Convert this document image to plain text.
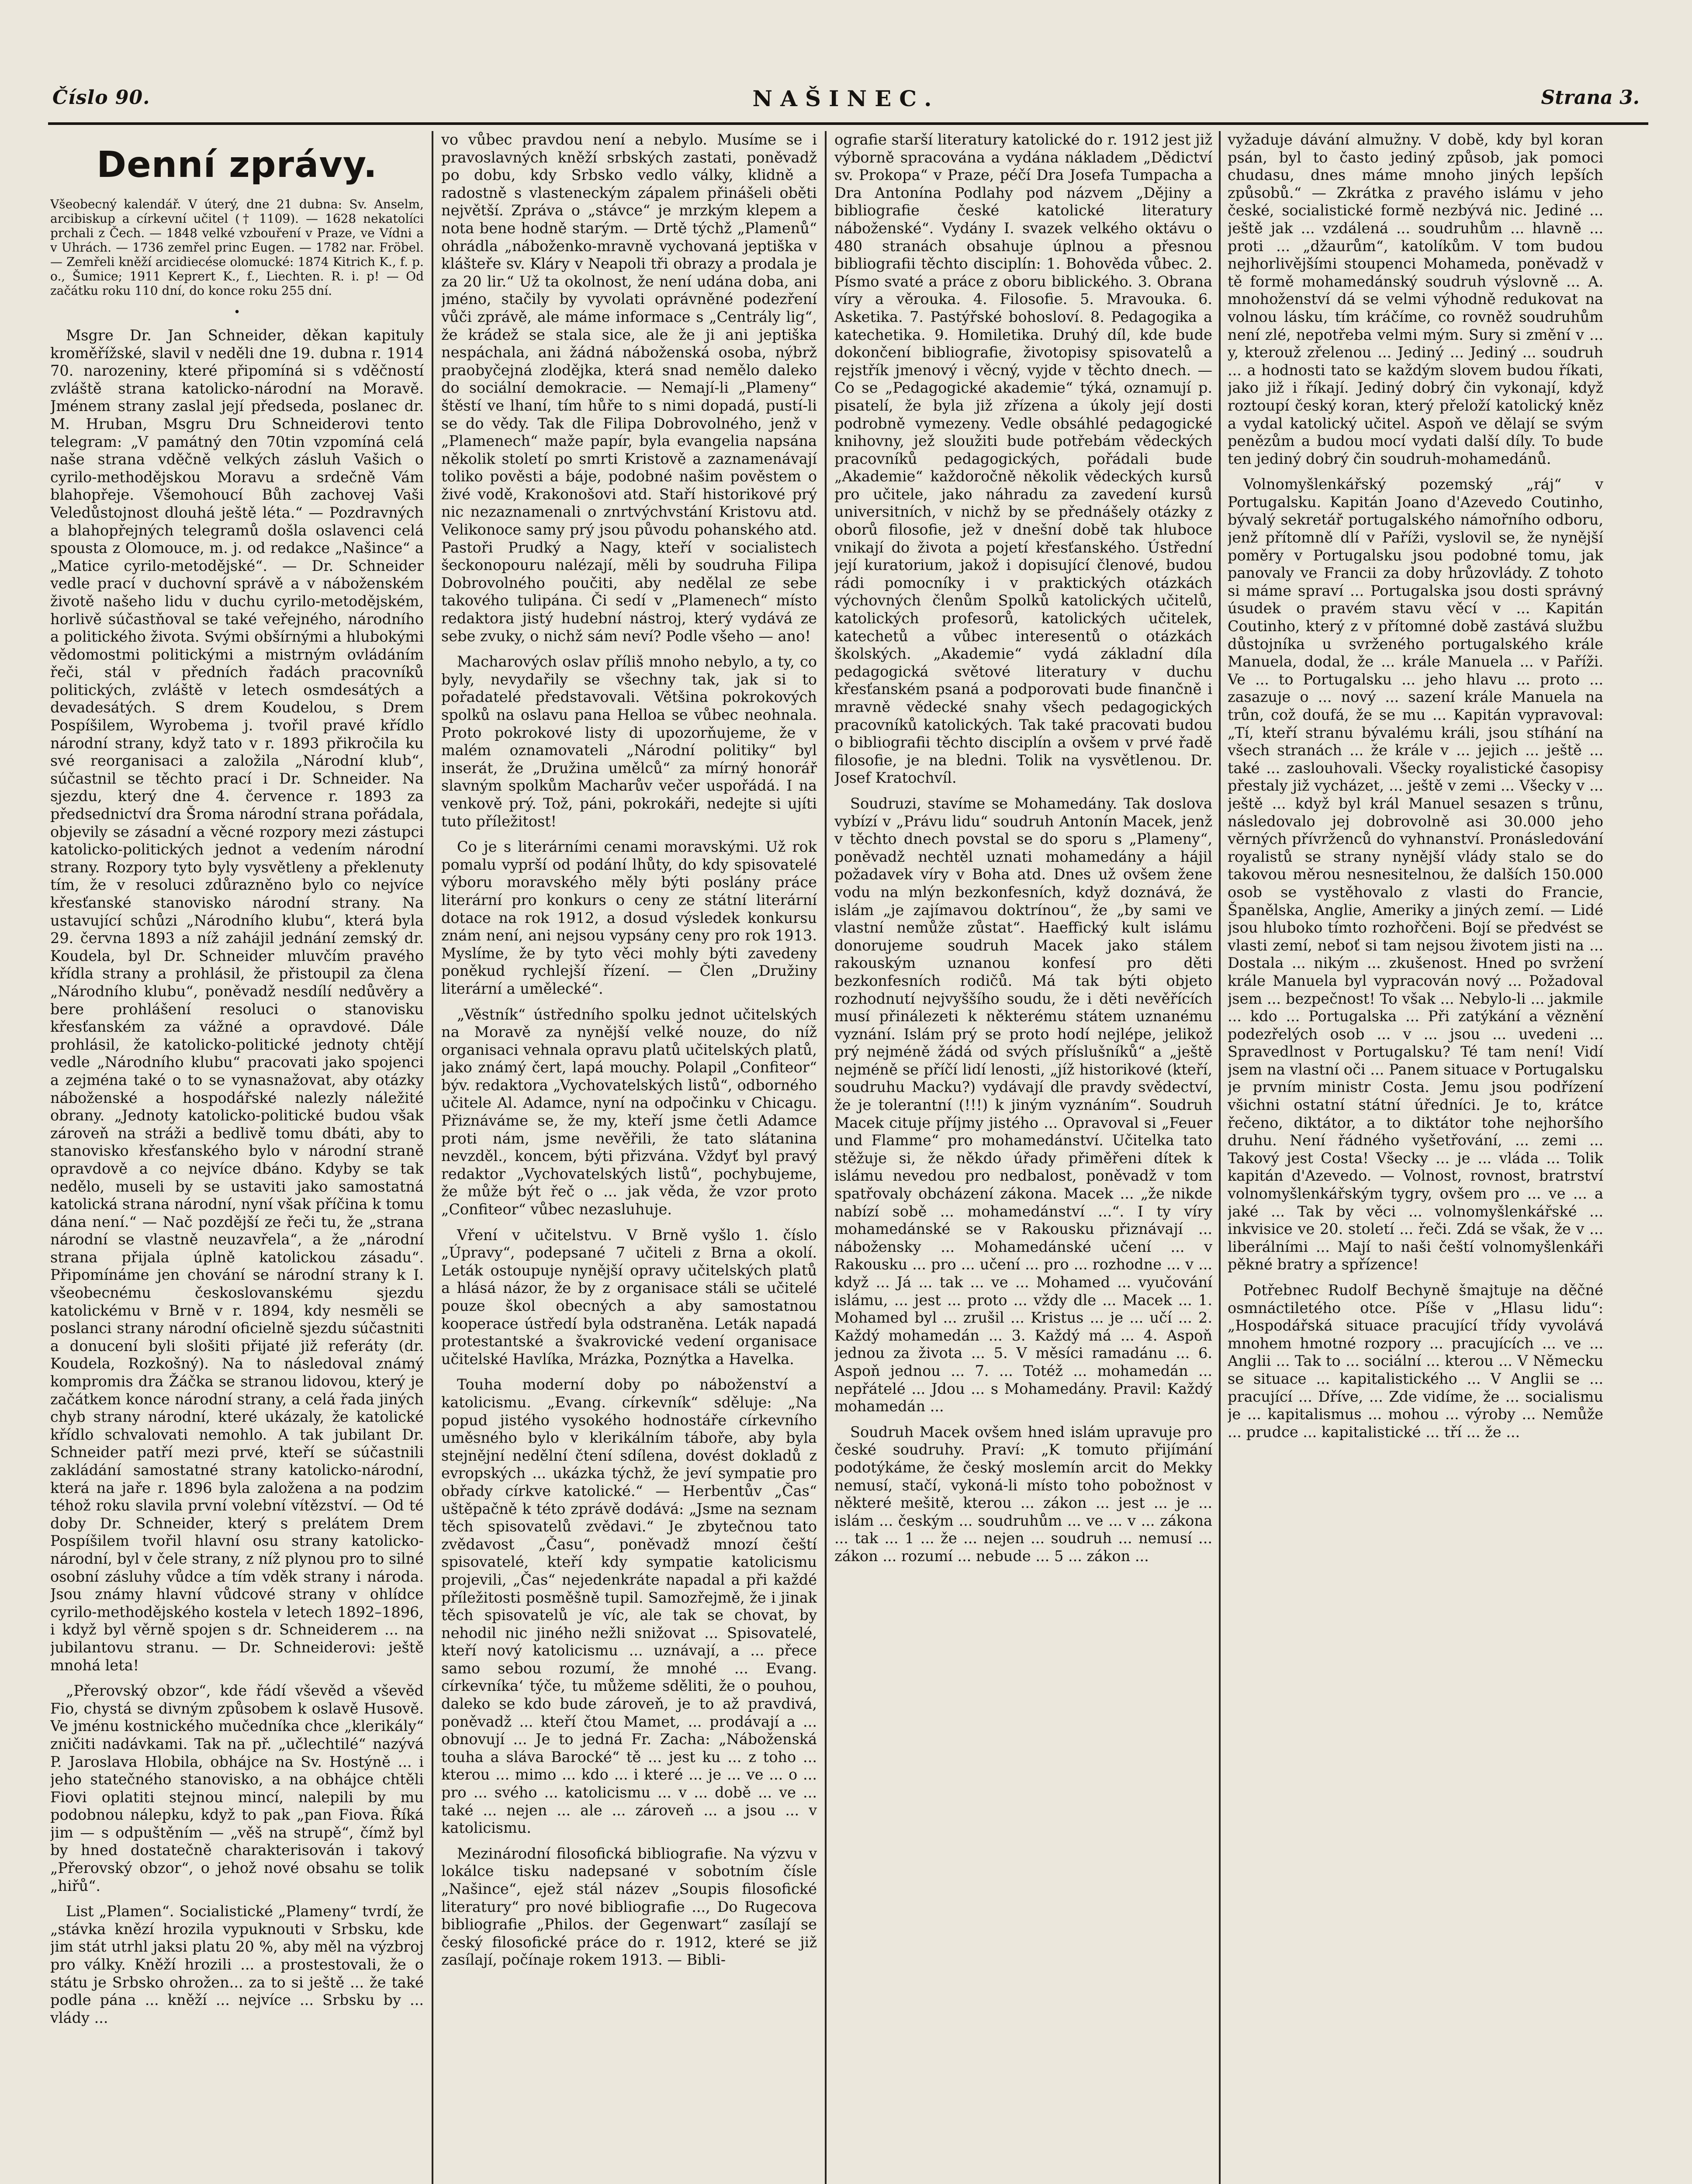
Číslo 90.	NAŠINEC.	Strana 3.
Denní zprávy.

Všeobecný kalendář. V úterý, dne 21 dubna: Sv. Anselm, arcibiskup a církevní učitel († 1109). — 1628 nekatolíci prchali z Čech. — 1848 velké vzbouření v Praze, ve Vídni a v Uhrách. — 1736 zemřel princ Eugen. — 1782 nar. Fröbel. — Zemřeli kněží arcidiecése olomucké: 1874 Kitrich K., f. p. o., Šumice; 1911 Keprert K., f., Liechten. R. i. p! — Od začátku roku 110 dní, do konce roku 255 dní.

•

Msgre Dr. Jan Schneider, děkan kapituly kroměřížské, slavil v neděli dne 19. dubna r. 1914 70. narozeniny, které připomíná si s vděčností zvláště strana katolicko-národní na Moravě. Jménem strany zaslal její předseda, poslanec dr. M. Hruban, Msgru Dru Schneiderovi tento telegram: „V památný den 70tin vzpomíná celá naše strana vděčně velkých zásluh Vašich o cyrilo-methodějskou Moravu a srdečně Vám blahopřeje. Všemohoucí Bůh zachovej Vaši Veledůstojnost dlouhá ještě léta.“ — Pozdravných a blahopřejných telegramů došla oslavenci celá spousta z Olomouce, m. j. od redakce „Našince“ a „Matice cyrilo-metodějské“. — Dr. Schneider vedle prací v duchovní správě a v náboženském životě našeho lidu v duchu cyrilo-metodějském, horlivě súčastňoval se také veřejného, národního a politického života. Svými obšírnými a hlubokými vědomostmi politickými a mistrným ovládáním řeči, stál v předních řadách pracovníků politických, zvláště v letech osmdesátých a devadesátých. S drem Koudelou, s Drem Pospíšilem, Wyrobema j. tvořil pravé křídlo národní strany, když tato v r. 1893 přikročila ku své reorganisaci a založila „Národní klub“, súčastnil se těchto prací i Dr. Schneider. Na sjezdu, který dne 4. července r. 1893 za předsednictví dra Šroma národní strana pořádala, objevily se zásadní a věcné rozpory mezi zástupci katolicko-politických jednot a vedením národní strany. Rozpory tyto byly vysvětleny a překlenuty tím, že v resoluci zdůrazněno bylo co nejvíce křesťanské stanovisko národní strany. Na ustavující schůzi „Národního klubu“, která byla 29. června 1893 a níž zahájil jednání zemský dr. Koudela, byl Dr. Schneider mluvčím pravého křídla strany a prohlásil, že přistoupil za člena „Národního klubu“, poněvadž nesdílí nedůvěry a bere prohlášení resoluci o stanovisku křesťanském za vážné a opravdové. Dále prohlásil, že katolicko-politické jednoty chtějí vedle „Národního klubu“ pracovati jako spojenci a zejména také o to se vynasnažovat, aby otázky náboženské a hospodářské nalezly náležité obrany. „Jednoty katolicko-politické budou však zároveň na stráži a bedlivě tomu dbáti, aby to stanovisko křesťanského bylo v národní straně opravdově a co nejvíce dbáno. Kdyby se tak nedělo, museli by se ustaviti jako samostatná katolická strana národní, nyní však příčina k tomu dána není.“ — Nač pozdější ze řeči tu, že „strana národní se vlastně neuzavřela“, a že „národní strana přijala úplně katolickou zásadu“. Připomínáme jen chování se národní strany k I. všeobecnému českoslovanskému sjezdu katolickému v Brně v r. 1894, kdy nesměli se poslanci strany národní oficielně sjezdu súčastniti a donucení byli slošiti přijaté již referáty (dr. Koudela, Rozkošný). Na to následoval známý kompromis dra Žáčka se stranou lidovou, který je začátkem konce národní strany, a celá řada jiných chyb strany národní, které ukázaly, že katolické křídlo schvalovati nemohlo. A tak jubilant Dr. Schneider patří mezi prvé, kteří se súčastnili zakládání samostatné strany katolicko-národní, která na jaře r. 1896 byla založena a na podzim téhož roku slavila první volební vítězství. — Od té doby Dr. Schneider, který s prelátem Drem Pospíšilem tvořil hlavní osu strany katolicko-národní, byl v čele strany, z níž plynou pro to silné osobní zásluhy vůdce a tím vděk strany i národa. Jsou známy hlavní vůdcové strany v ohlídce cyrilo-methodějského kostela v letech 1892–1896, i když byl věrně spojen s dr. Schneiderem ... na jubilantovu stranu. — Dr. Schneiderovi: ještě mnohá leta!

„Přerovský obzor“, kde řádí vševěd a vševěd Fio, chystá se divným způsobem k oslavě Husově. Ve jménu kostnického mučedníka chce „klerikály“ zničiti nadávkami. Tak na př. „učlechtilé“ nazývá P. Jaroslava Hlobila, obhájce na Sv. Hostýně ... i jeho statečného stanovisko, a na obhájce chtěli Fiovi oplatiti stejnou mincí, nalepili by mu podobnou nálepku, když to pak „pan Fiova. Říká jim — s odpuštěním — „věš na strupě“, čímž byl by hned dostatečně charakterisován i takový „Přerovský obzor“, o jehož nové obsahu se tolik „hiřů“.

List „Plamen“. Socialistické „Plameny“ tvrdí, že „stávka knězí hrozila vypuknouti v Srbsku, kde jim stát utrhl jaksi platu 20 %, aby měl na výzbroj pro války. Kněží hrozili ... a prostestovali, že o státu je Srbsko ohrožen... za to si ještě ... že také podle pána ... kněží ... nejvíce ... Srbsku by ... vlády ...

vo vůbec pravdou není a nebylo. Musíme se i pravoslavných kněží srbských zastati, poněvadž po dobu, kdy Srbsko vedlo války, klidně a radostně s vlasteneckým zápalem přinášeli oběti největší. Zpráva o „stávce“ je mrzkým klepem a nota bene hodně starým. — Drtě týchž „Plamenů“ ohrádla „náboženko-mravně vychovaná jeptiška v klášteře sv. Kláry v Neapoli tři obrazy a prodala je za 20 lir.“ Už ta okolnost, že není udána doba, ani jméno, stačily by vyvolati oprávněné podezření vůči zprávě, ale máme informace s „Centrály lig“, že krádež se stala sice, ale že ji ani jeptiška nespáchala, ani žádná náboženská osoba, nýbrž praobyčejná zlodějka, která snad nemělo daleko do sociální demokracie. — Nemají-li „Plameny“ štěstí ve lhaní, tím hůře to s nimi dopadá, pustí-li se do vědy. Tak dle Filipa Dobrovolného, jenž v „Plamenech“ maže papír, byla evangelia napsána několik století po smrti Kristově a zaznamenávají toliko pověsti a báje, podobné našim pověstem o živé vodě, Krakonošovi atd. Staří historikové prý nic nezaznamenali o znrtvýchvstání Kristovu atd. Velikonoce samy prý jsou původu pohanského atd. Pastoři Prudký a Nagy, kteří v socialistech šeckonopouru nalézají, měli by soudruha Filipa Dobrovolného poučiti, aby nedělal ze sebe takového tulipána. Či sedí v „Plamenech“ místo redaktora jistý hudební nástroj, který vydává ze sebe zvuky, o nichž sám neví? Podle všeho — ano!

Macharových oslav příliš mnoho nebylo, a ty, co byly, nevydařily se všechny tak, jak si to pořadatelé představovali. Většina pokrokových spolků na oslavu pana Helloa se vůbec neohnala. Proto pokrokové listy di upozorňujeme, že v malém oznamovateli „Národní politiky“ byl inserát, že „Družina umělců“ za mírný honorář slavným spolkům Macharův večer uspořádá. I na venkově prý. Tož, páni, pokrokáři, nedejte si ujíti tuto příležitost!

Co je s literárními cenami moravskými. Už rok pomalu vyprší od podání lhůty, do kdy spisovatelé výboru moravského měly býti poslány práce literární pro konkurs o ceny ze státní literární dotace na rok 1912, a dosud výsledek konkursu znám není, ani nejsou vypsány ceny pro rok 1913. Myslíme, že by tyto věci mohly býti zavedeny poněkud rychlejší řízení. — Člen „Družiny literární a umělecké“.

„Věstník“ ústředního spolku jednot učitelských na Moravě za nynější velké nouze, do níž organisaci vehnala opravu platů učitelských platů, jako známý čert, lapá mouchy. Polapil „Confiteor“ býv. redaktora „Vychovatelských listů“, odborného učitele Al. Adamce, nyní na odpočinku v Chicagu. Přiznáváme se, že my, kteří jsme četli Adamce proti nám, jsme nevěřili, že tato slátanina nevzděl., koncem, býti přizvána. Vždyť byl pravý redaktor „Vychovatelských listů“, pochybujeme, že může být řeč o ... jak věda, že vzor proto „Confiteor“ vůbec nezasluhuje.

Vření v učitelstvu. V Brně vyšlo 1. číslo „Úpravy“, podepsané 7 učiteli z Brna a okolí. Leták ostoupuje nynější opravy učitelských platů a hlásá názor, že by z organisace stáli se učitelé pouze škol obecných a aby samostatnou kooperace ústředí byla odstraněna. Leták napadá protestantské a švakrovické vedení organisace učitelské Havlíka, Mrázka, Poznýtka a Havelka.

Touha moderní doby po náboženství a katolicismu. „Evang. církevník“ sděluje: „Na popud jistého vysokého hodnostáře církevního uměsného bylo v klerikálním táboře, aby byla stejnějní nedělní čtení sdílena, dovést dokladů z evropských ... ukázka týchž, že jeví sympatie pro obřady církve katolické.“ — Herbentův „Čas“ uštěpačně k této zprávě dodává: „Jsme na seznam těch spisovatelů zvědavi.“ Je zbytečnou tato zvědavost „Času“, poněvadž mnozí čeští spisovatelé, kteří kdy sympatie katolicismu projevili, „Čas“ nejedenkráte napadal a při každé příležitosti posměšně tupil. Samozřejmě, že i jinak těch spisovatelů je víc, ale tak se chovat, by nehodil nic jiného nežli snižovat ... Spisovatelé, kteří nový katolicismu ... uznávají, a ... přece samo sebou rozumí, že mnohé ... Evang. církevníka‘ týče, tu můžeme sděliti, že o pouhou, daleko se kdo bude zároveň, je to až pravdivá, poněvadž ... kteří čtou Mamet, ... prodávají a ... obnovují ... Je to jedná Fr. Zacha: „Náboženská touha a sláva Barocké“ tě ... jest ku ... z toho ... kterou ... mimo ... kdo ... i které ... je ... ve ... o ... pro ... svého ... katolicismu ... v ... době ... ve ... také ... nejen ... ale ... zároveň ... a jsou ... v katolicismu.

Mezinárodní filosofická bibliografie. Na výzvu v lokálce tisku nadepsané v sobotním čísle „Našince“, ejež stál název „Soupis filosofické literatury“ pro nové bibliografie ..., Do Rugecova bibliografie „Philos. der Gegenwart“ zasílají se český filosofické práce do r. 1912, které se již zasílají, počínaje rokem 1913. — Bibli-

ografie starší literatury katolické do r. 1912 jest již výborně spracována a vydána nákladem „Dědictví sv. Prokopa“ v Praze, péčí Dra Josefa Tumpacha a Dra Antonína Podlahy pod názvem „Dějiny a bibliografie české katolické literatury náboženské“. Vydány I. svazek velkého oktávu o 480 stranách obsahuje úplnou a přesnou bibliografii těchto disciplín: 1. Bohověda vůbec. 2. Písmo svaté a práce z oboru biblického. 3. Obrana víry a věrouka. 4. Filosofie. 5. Mravouka. 6. Asketika. 7. Pastýřské bohosloví. 8. Pedagogika a katechetika. 9. Homiletika. Druhý díl, kde bude dokončení bibliografie, životopisy spisovatelů a rejstřík jmenový i věcný, vyjde v těchto dnech. — Co se „Pedagogické akademie“ týká, oznamují p. pisatelí, že byla již zřízena a úkoly její dosti podrobně vymezeny. Vedle obsáhlé pedagogické knihovny, jež sloužiti bude potřebám vědeckých pracovníků pedagogických, pořádali bude „Akademie“ každoročně několik vědeckých kursů pro učitele, jako náhradu za zavedení kursů universitních, v nichž by se přednášely otázky z oborů filosofie, jež v dnešní době tak hluboce vnikají do života a pojetí křesťanského. Ústřední její kuratorium, jakož i dopisující členové, budou rádi pomocníky i v praktických otázkách výchovných členům Spolků katolických učitelů, katolických profesorů, katolických učitelek, katechetů a vůbec interesentů o otázkách školských. „Akademie“ vydá základní díla pedagogická světové literatury v duchu křesťanském psaná a podporovati bude finančně i mravně vědecké snahy všech pedagogických pracovníků katolických. Tak také pracovati budou o bibliografii těchto disciplín a ovšem v prvé řadě filosofie, je na bledni. Tolik na vysvětlenou. Dr. Josef Kratochvíl.

Soudruzi, stavíme se Mohamedány. Tak doslova vybízí v „Právu lidu“ soudruh Antonín Macek, jenž v těchto dnech povstal se do sporu s „Plameny“, poněvadž nechtěl uznati mohamedány a hájil požadavek víry v Boha atd. Dnes už ovšem žene vodu na mlýn bezkonfesních, když doznává, že islám „je zajímavou doktrínou“, že „by sami ve vlastní nemůže zůstat“. Haeffický kult islámu donorujeme soudruh Macek jako stálem rakouským uznanou konfesí pro děti bezkonfesních rodičů. Má tak býti objeto rozhodnutí nejvyššího soudu, že i děti nevěřících musí přinálezeti k některému státem uznanému vyznání. Islám prý se proto hodí nejlépe, jelikož prý nejméně žádá od svých příslušníků“ a „ještě nejméně se příčí lidí lenosti, „jíž historikové (kteří, soudruhu Macku?) vydávají dle pravdy svědectví, že je tolerantní (!!!) k jiným vyznáním“. Soudruh Macek cituje příjmy jistého ... Opravoval si „Feuer und Flamme“ pro mohamedánství. Učitelka tato stěžuje si, že někdo úřady přiměřeni dítek k islámu nevedou pro nedbalost, poněvadž v tom spatřovaly obcházení zákona. Macek ... „že nikde nabízí sobě ... mohamedánství ...“. I ty víry mohamedánské se v Rakousku přiznávají ... nábožensky ... Mohamedánské učení ... v Rakousku ... pro ... učení ... pro ... rozhodne ... v ... když ... Já ... tak ... ve ... Mohamed ... vyučování islámu, ... jest ... proto ... vždy dle ... Macek ... 1. Mohamed byl ... zrušil ... Kristus ... je ... učí ... 2. Každý mohamedán ... 3. Každý má ... 4. Aspoň jednou za života ... 5. V měsíci ramadánu ... 6. Aspoň jednou ... 7. ... Totéž ... mohamedán ... nepřátelé ... Jdou ... s Mohamedány. Pravil: Každý mohamedán ...

Soudruh Macek ovšem hned islám upravuje pro české soudruhy. Praví: „K tomuto přijímání podotýkáme, že český moslemín arcit do Mekky nemusí, stačí, vykoná-li místo toho pobožnost v některé mešitě, kterou ... zákon ... jest ... je ... islám ... českým ... soudruhům ... ve ... v ... zákona ... tak ... 1 ... že ... nejen ... soudruh ... nemusí ... zákon ... rozumí ... nebude ... 5 ... zákon ...

vyžaduje dávání almužny. V době, kdy byl koran psán, byl to často jediný způsob, jak pomoci chudasu, dnes máme mnoho jiných lepších způsobů.“ — Zkrátka z pravého islámu v jeho české, socialistické formě nezbývá nic. Jediné ... ještě jak ... vzdálená ... soudruhům ... hlavně ... proti ... „džaurům“, katolíkům. V tom budou nejhorlivějšími stoupenci Mohameda, poněvadž v tě formě mohamedánský soudruh výslovně ... A. mnohoženství dá se velmi výhodně redukovat na volnou lásku, tím kráčíme, co rovněž soudruhům není zlé, nepotřeba velmi mým. Sury si změní v ... y, kterouž zřelenou ... Jediný ... Jediný ... soudruh ... a hodnosti tato se každým slovem budou říkati, jako již i říkají. Jediný dobrý čin vykonají, když roztoupí český koran, který přeloží katolický kněz a vydal katolický učitel. Aspoň ve dělají se svým penězům a budou mocí vydati další díly. To bude ten jediný dobrý čin soudruh-mohamedánů.

Volnomyšlenkářský pozemský „ráj“ v Portugalsku. Kapitán Joano d'Azevedo Coutinho, bývalý sekretář portugalského námořního odboru, jenž přítomně dlí v Paříži, vyslovil se, že nynější poměry v Portugalsku jsou podobné tomu, jak panovaly ve Francii za doby hrůzovlády. Z tohoto si máme spraví ... Portugalska jsou dosti správný úsudek o pravém stavu věcí v ... Kapitán Coutinho, který z v přítomné době zastává službu důstojníka u svrženého portugalského krále Manuela, dodal, že ... krále Manuela ... v Paříži. Ve ... to Portugalsku ... jeho hlavu ... proto ... zasazuje o ... nový ... sazení krále Manuela na trůn, což doufá, že se mu ... Kapitán vypravoval: „Tí, kteří stranu bývalému králi, jsou stíhání na všech stranách ... že krále v ... jejich ... ještě ... také ... zaslouhovali. Všecky royalistické časopisy přestaly již vycházet, ... ještě v zemi ... Všecky v ... ještě ... když byl král Manuel sesazen s trůnu, následovalo jej dobrovolně asi 30.000 jeho věrných přívrženců do vyhnanství. Pronásledování royalistů se strany nynější vlády stalo se do takovou měrou nesnesitelnou, že dalších 150.000 osob se vystěhovalo z vlasti do Francie, Španělska, Anglie, Ameriky a jiných zemí. — Lidé jsou hluboko tímto rozhořčeni. Bojí se předvést se vlasti zemí, neboť si tam nejsou životem jisti na ... Dostala ... nikým ... zkušenost. Hned po svržení krále Manuela byl vypracován nový ... Požadoval jsem ... bezpečnost! To však ... Nebylo-li ... jakmile ... kdo ... Portugalska ... Při zatýkání a věznění podezřelých osob ... v ... jsou ... uvedeni ... Spravedlnost v Portugalsku? Té tam není! Vidí jsem na vlastní oči ... Panem situace v Portugalsku je prvním ministr Costa. Jemu jsou podřízení všichni ostatní státní úředníci. Je to, krátce řečeno, diktátor, a to diktátor tohe nejhoršího druhu. Není řádného vyšetřování, ... zemi ... Takový jest Costa! Všecky ... je ... vláda ... Tolik kapitán d'Azevedo. — Volnost, rovnost, bratrství volnomyšlenkářským tygry, ovšem pro ... ve ... a jaké ... Tak by věci ... volnomyšlenkářské ... inkvisice ve 20. století ... řeči. Zdá se však, že v ... liberálními ... Mají to naši čeští volnomyšlenkáři pěkné bratry a spřízence!

Potřebnec Rudolf Bechyně šmajtuje na děčné osmnáctiletého otce. Píše v „Hlasu lidu“: „Hospodářská situace pracující třídy vyvolává mnohem hmotné rozpory ... pracujících ... ve ... Anglii ... Tak to ... sociální ... kterou ... V Německu se situace ... kapitalistického ... V Anglii se ... pracující ... Dříve, ... Zde vidíme, že ... socialismu je ... kapitalismus ... mohou ... výroby ... Nemůže ... prudce ... kapitalistické ... tří ... že ...
